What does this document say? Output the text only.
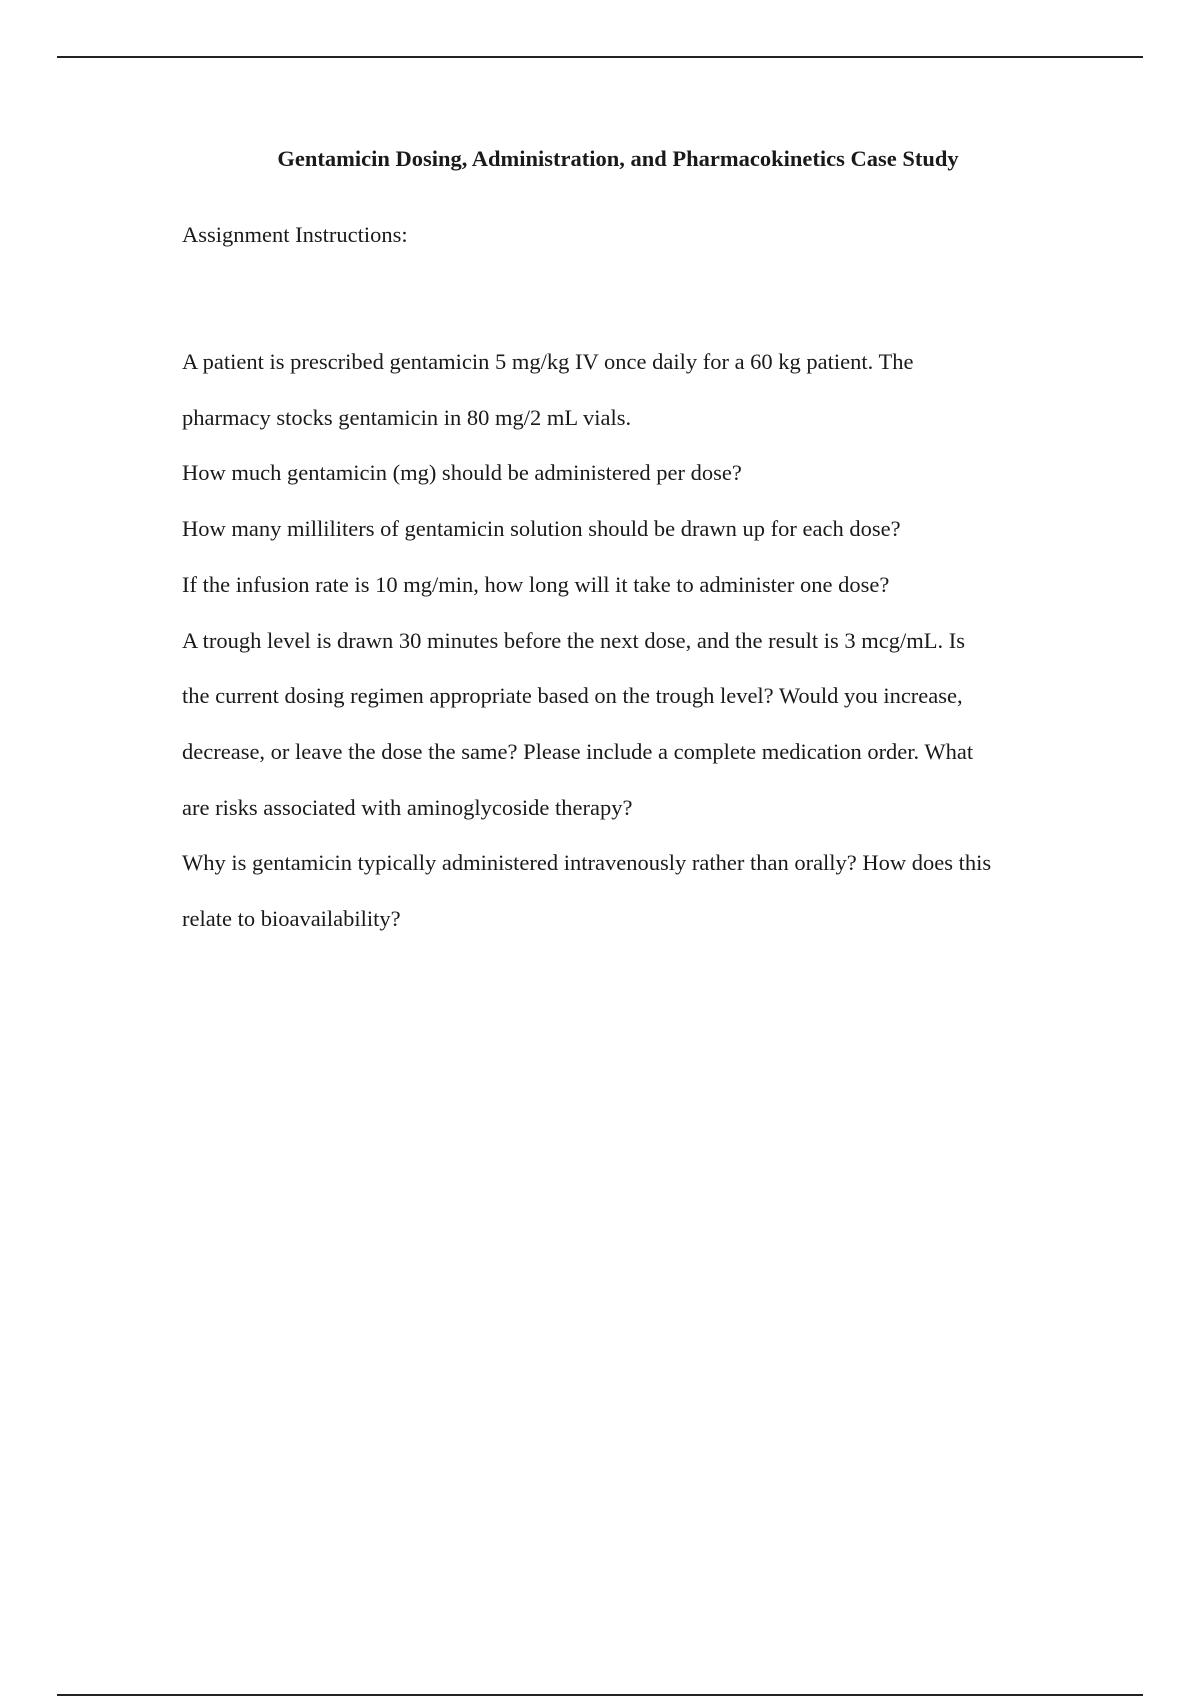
Gentamicin Dosing, Administration, and Pharmacokinetics Case Study

Assignment Instructions:

A patient is prescribed gentamicin 5 mg/kg IV once daily for a 60 kg patient. The
pharmacy stocks gentamicin in 80 mg/2 mL vials.

How much gentamicin (mg) should be administered per dose?

How many milliliters of gentamicin solution should be drawn up for each dose?

If the infusion rate is 10 mg/min, how long will it take to administer one dose?

A trough level is drawn 30 minutes before the next dose, and the result is 3 mcg/mL. Is
the current dosing regimen appropriate based on the trough level? Would you increase,
decrease, or leave the dose the same? Please include a complete medication order. What
are risks associated with aminoglycoside therapy?

Why is gentamicin typically administered intravenously rather than orally? How does this
relate to bioavailability?
